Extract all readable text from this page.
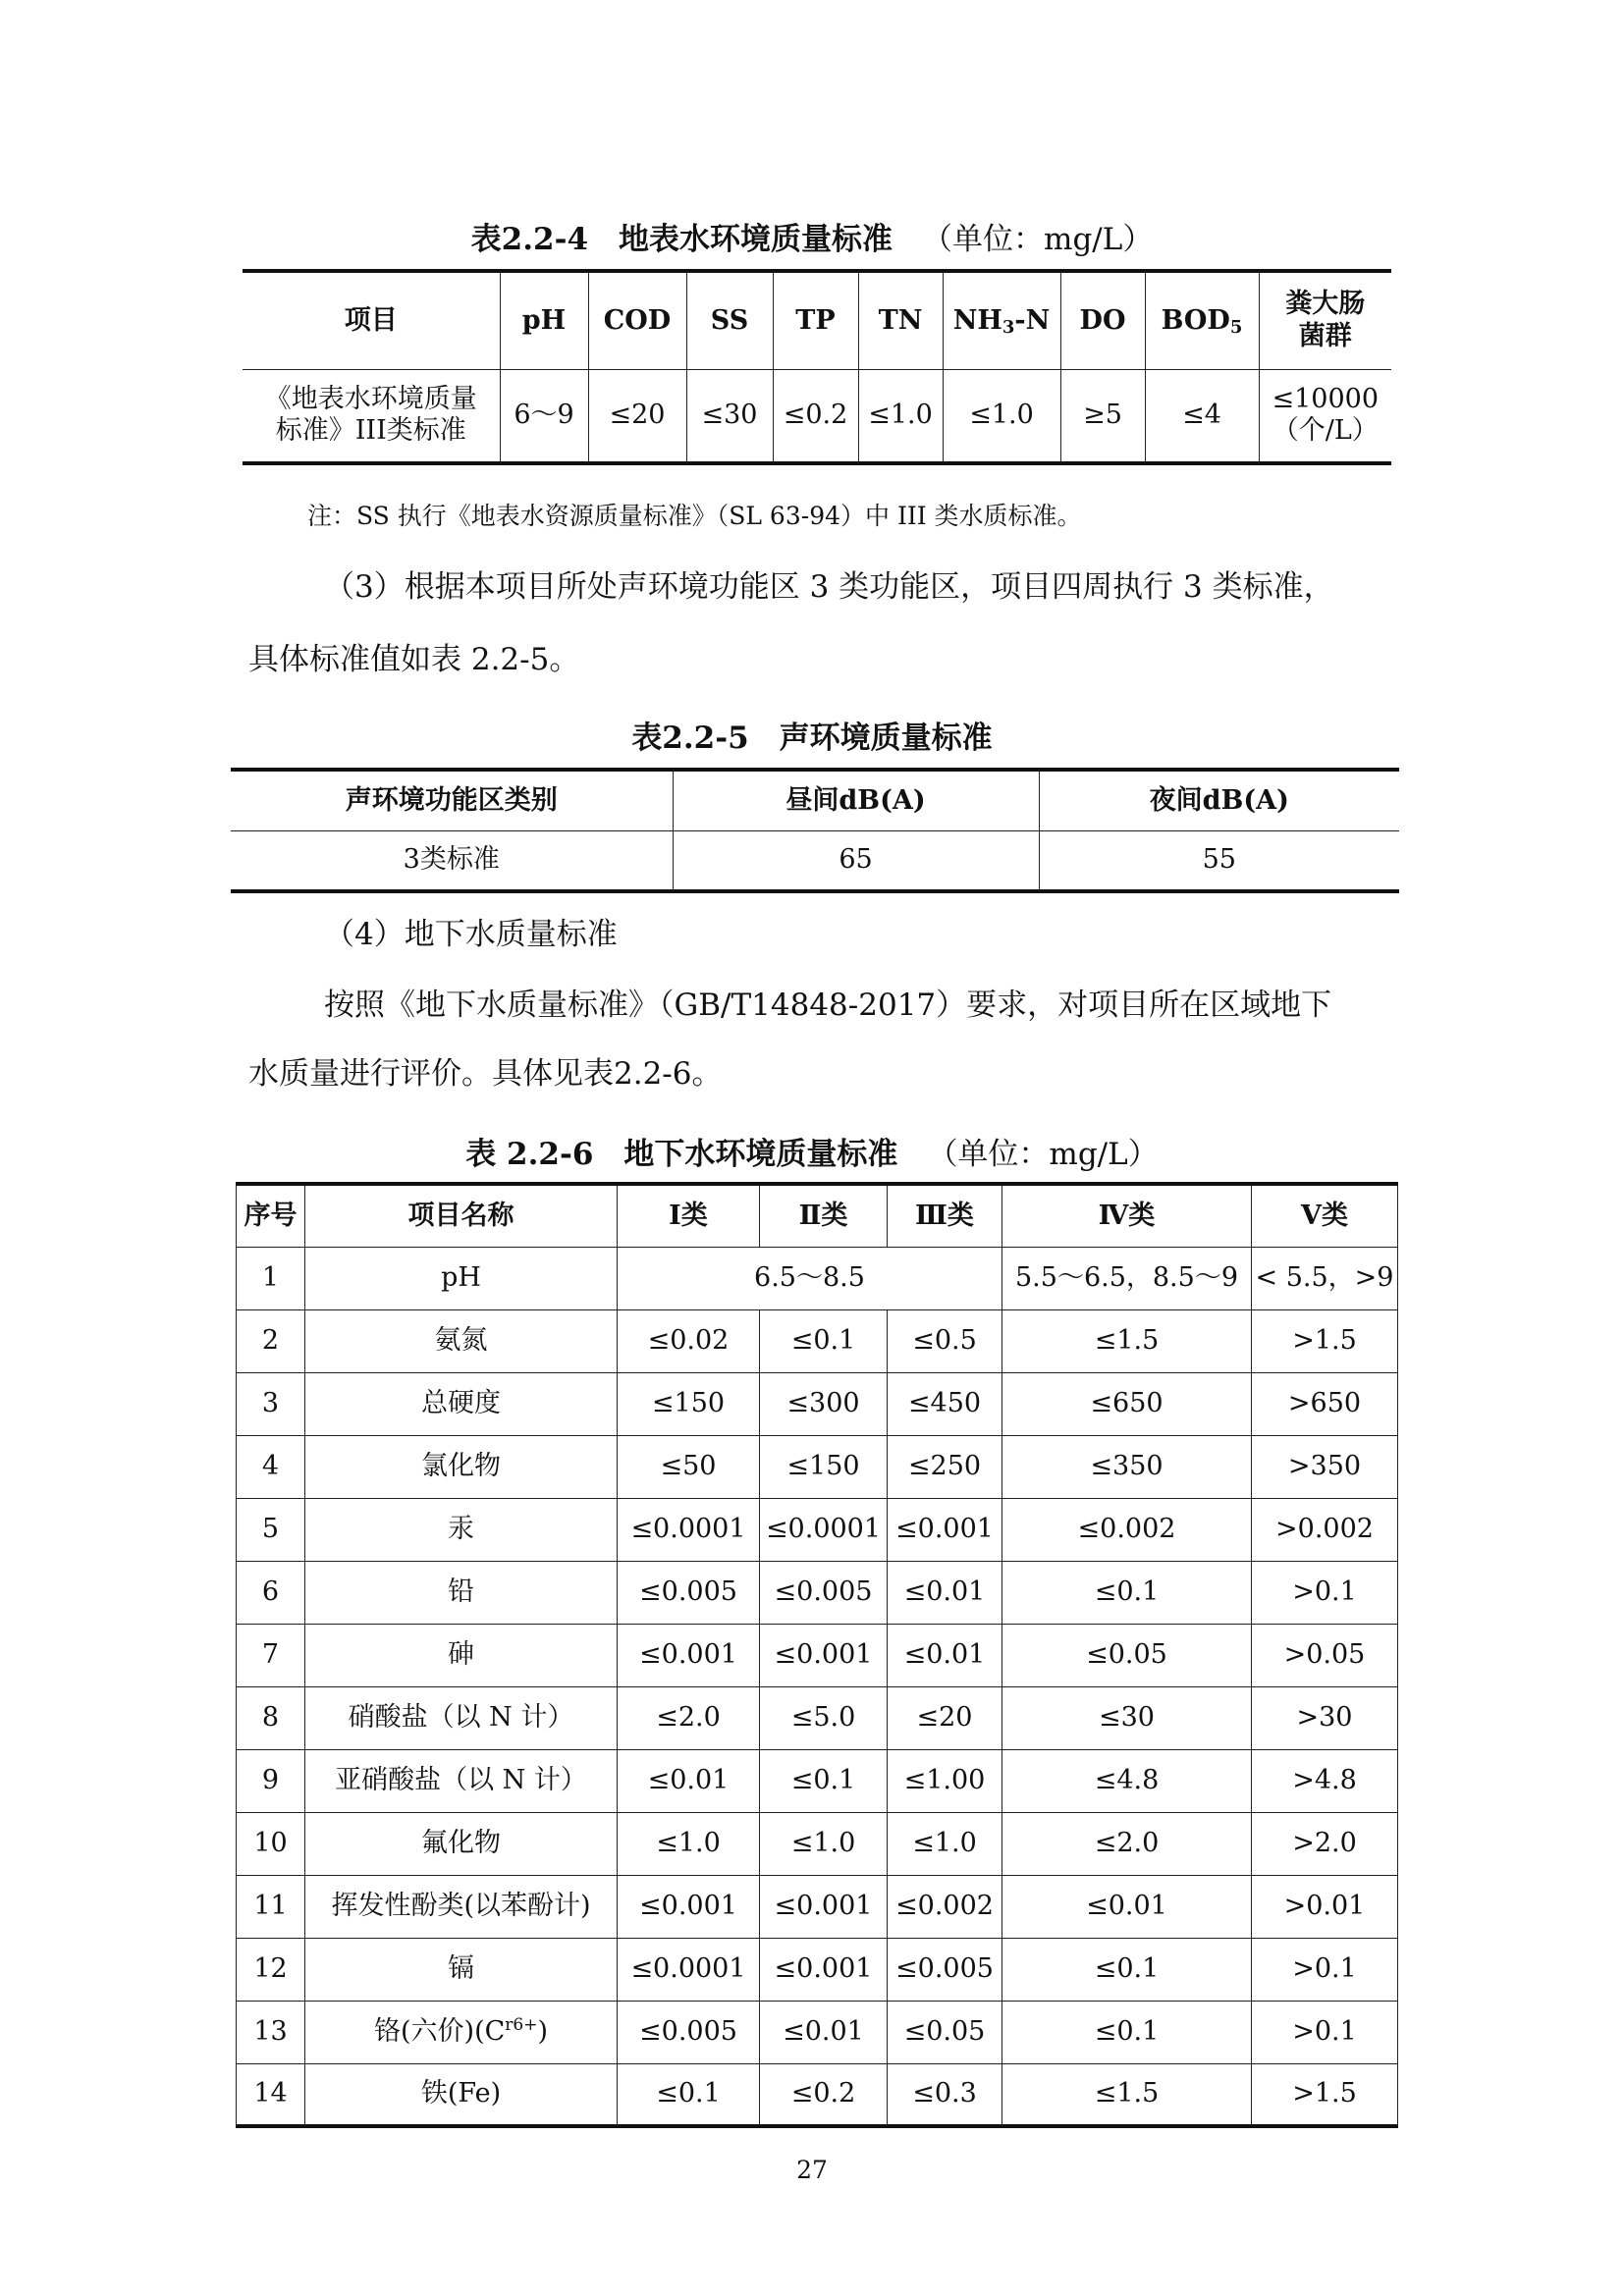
表2.2-4　地表水环境质量标准 （单位：mg/L）
项目	pH	COD	SS	TP	TN	$NH_3-N$	DO	$BOD_5$	粪大肠菌群
《地表水环境质量标准》III类标准	6～9	≤20	≤30	≤0.2	≤1.0	≤1.0	≥5	≤4	≤10000（个/L）
注：SS 执行《地表水资源质量标准》（SL 63-94）中 III 类水质标准。
（3）根据本项目所处声环境功能区 3 类功能区，项目四周执行 3 类标准，
具体标准值如表 2.2-5。
表2.2-5　声环境质量标准
声环境功能区类别	昼间dB(A)	夜间dB(A)
3类标准	65	55
（4）地下水质量标准
按照《地下水质量标准》（GB/T14848-2017）要求，对项目所在区域地下
水质量进行评价。具体见表2.2-6。
表 2.2-6　地下水环境质量标准 （单位：mg/L）
序号	项目名称	Ⅰ类	Ⅱ类	Ⅲ类	Ⅳ类	Ⅴ类
1	pH	6.5～8.5			5.5～6.5，8.5～9	< 5.5，>9
2	氨氮	≤0.02	≤0.1	≤0.5	≤1.5	>1.5
3	总硬度	≤150	≤300	≤450	≤650	>650
4	氯化物	≤50	≤150	≤250	≤350	>350
5	汞	≤0.0001	≤0.0001	≤0.001	≤0.002	>0.002
6	铅	≤0.005	≤0.005	≤0.01	≤0.1	>0.1
7	砷	≤0.001	≤0.001	≤0.01	≤0.05	>0.05
8	硝酸盐（以 N 计）	≤2.0	≤5.0	≤20	≤30	>30
9	亚硝酸盐（以 N 计）	≤0.01	≤0.1	≤1.00	≤4.8	>4.8
10	氟化物	≤1.0	≤1.0	≤1.0	≤2.0	>2.0
11	挥发性酚类(以苯酚计)	≤0.001	≤0.001	≤0.002	≤0.01	>0.01
12	镉	≤0.0001	≤0.001	≤0.005	≤0.1	>0.1
13	铬(六价)$(C^{r6+})$	≤0.005	≤0.01	≤0.05	≤0.1	>0.1
14	铁(Fe)	≤0.1	≤0.2	≤0.3	≤1.5	>1.5
27
